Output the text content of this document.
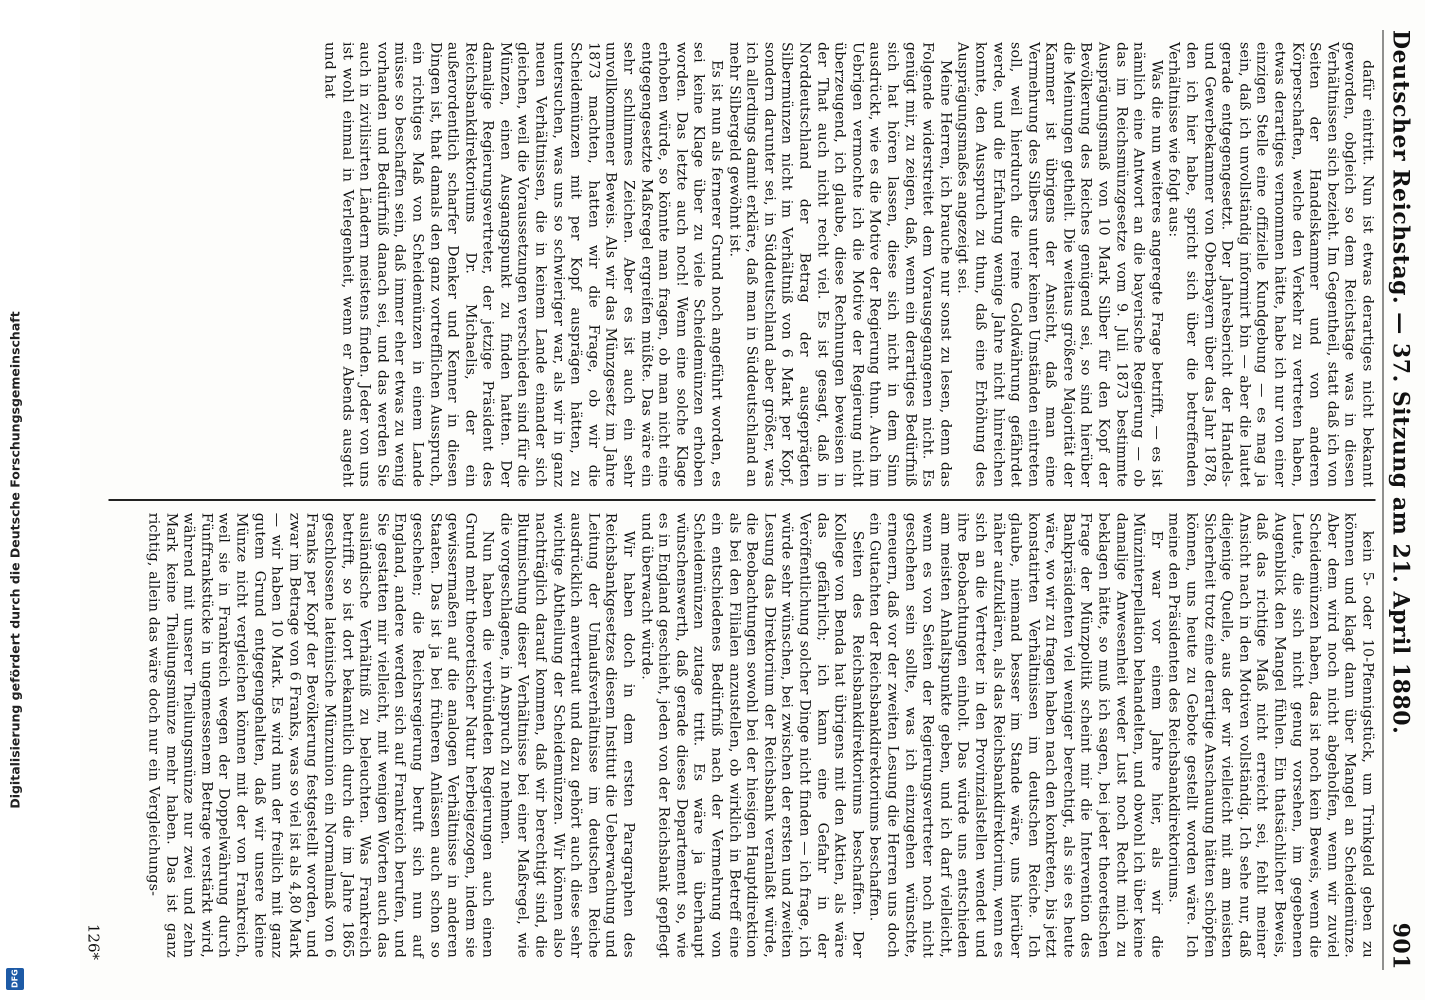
Digitalisierung gefördert durch die Deutsche Forschungsgemeinschaft
DFG
Deutscher Reichstag. — 37. Sitzung am 21. April 1880.
901

dafür eintritt. Nun ist etwas derartiges nicht bekannt geworden, obgleich so dem Reichstage was in diesen Verhältnissen sich bezieht. Im Gegentheil, statt daß ich von Seiten der Handelskammer und von anderen Körperschaften, welche den Verkehr zu vertreten haben, etwas derartiges vernommen hätte, habe ich nur von einer einzigen Stelle eine offizielle Kundgebung — es mag ja sein, daß ich unvollständig informirt bin — aber die lautet gerade entgegengesetzt. Der Jahresbericht der Handels- und Gewerbekammer von Oberbayern über das Jahr 1878, den ich hier habe, spricht sich über die betreffenden Verhältnisse wie folgt aus:

Was die nun weiteres angeregte Frage betrifft, — es ist nämlich eine Antwort an die bayerische Regierung — ob das im Reichsmünzgesetze vom 9. Juli 1873 bestimmte Ausprägungsmaß von 10 Mark Silber für den Kopf der Bevölkerung des Reiches genügend sei, so sind hierüber die Meinungen getheilt. Die weitaus größere Majorität der Kammer ist übrigens der Ansicht, daß man eine Vermehrung des Silbers unter keinen Umständen eintreten soll, weil hierdurch die reine Goldwährung gefährdet werde, und die Erfahrung wenige Jahre nicht hinreichen konnte, den Ausspruch zu thun, daß eine Erhöhung des Ausprägungsmaßes angezeigt sei.

Meine Herren, ich brauche nur sonst zu lesen, denn das Folgende widerstreitet dem Vorausgegangenen nicht. Es genügt mir, zu zeigen, daß, wenn ein derartiges Bedürfniß sich hat hören lassen, diese sich nicht in dem Sinn ausdrückt, wie es die Motive der Regierung thun. Auch im Uebrigen vermochte ich die Motive der Regierung nicht überzeugend, ich glaube, diese Rechnungen beweisen in der That auch nicht recht viel. Es ist gesagt, daß in Norddeutschland der Betrag der ausgeprägten Silbermünzen nicht im Verhältniß von 6 Mark per Kopf, sondern darunter sei, in Süddeutschland aber größer, was ich allerdings damit erkläre, daß man in Süddeutschland an mehr Silbergeld gewöhnt ist.

Es ist nun als fernerer Grund noch angeführt worden, es sei keine Klage über zu viele Scheidemünzen erhoben worden. Das letzte auch noch! Wenn eine solche Klage erhoben würde, so könnte man fragen, ob man nicht eine entgegengesetzte Maßregel ergreifen müßte. Das wäre ein sehr schlimmes Zeichen. Aber es ist auch ein sehr unvollkommener Beweis. Als wir das Münzgesetz im Jahre 1873 machten, hatten wir die Frage, ob wir die Scheidemünzen mit per Kopf ausprägen hätten, zu untersuchen, was uns so schwieriger war, als wir in ganz neuen Verhältnissen, die in keinem Lande einander sich gleichen, weil die Voraussetzungen verschieden sind für die Münzen, einen Ausgangspunkt zu finden hatten. Der damalige Regierungsvertreter, der jetzige Präsident des Reichsbankdirektoriums Dr. Michaelis, der ein außerordentlich scharfer Denker und Kenner in diesen Dingen ist, that damals den ganz vortrefflichen Ausspruch, ein richtiges Maß von Scheidemünzen in einem Lande müsse so beschaffen sein, daß immer eher etwas zu wenig vorhanden und Bedürfniß danach sei, und das werden Sie auch in zivilisirten Ländern meistens finden. Jeder von uns ist wohl einmal in Verlegenheit, wenn er Abends ausgeht und hat

kein 5- oder 10-Pfennigstück, um Trinkgeld geben zu können und klagt dann über Mangel an Scheidemünze. Aber dem wird noch nicht abgeholfen, wenn wir zuviel Scheidemünzen haben, das ist noch kein Beweis, wenn die Leute, die sich nicht genug vorsehen, im gegebenen Augenblick den Mangel fühlen. Ein thatsächlicher Beweis, daß das richtige Maß nicht erreicht sei, fehlt meiner Ansicht nach in den Motiven vollständig. Ich sehe nur, daß diejenige Quelle, aus der wir vielleicht mit am meisten Sicherheit trotz eine derartige Anschauung hätten schöpfen können, uns heute zu Gebote gestellt worden wäre. Ich meine den Präsidenten des Reichsbankdirektoriums.

Er war vor einem Jahre hier, als wir die Münzinterpellation behandelten, und obwohl ich über keine damalige Anwesenheit weder Lust noch Recht mich zu beklagen hätte, so muß ich sagen, bei jeder theoretischen Frage der Münzpolitik scheint mir die Intervention des Bankpräsidenten viel weniger berechtigt, als sie es heute wäre, wo wir zu fragen haben nach den konkreten, bis jetzt konstatirten Verhältnissen im deutschen Reiche. Ich glaube, niemand besser im Stande wäre, uns hierüber näher aufzuklären, als das Reichsbankdirektorium, wenn es sich an die Vertreter in den Provinzialstellen wendet und ihre Beobachtungen einholt. Das würde uns entschieden am meisten Anhaltspunkte geben, und ich darf vielleicht, wenn es von Seiten der Regierungsvertreter noch nicht geschehen sein sollte, was ich einzugehen wünschte, erneuern, daß vor der zweiten Lesung die Herren uns doch ein Gutachten der Reichsbankdirektoriums beschaffen.

Seiten des Reichsbankdirektoriums beschaffen. Der Kollege von Benda hat übrigens mit den Aktien, als wäre das gefährlich; ich kann eine Gefahr in der Veröffentlichung solcher Dinge nicht finden — ich frage, ich würde sehr wünschen, bei zwischen der ersten und zweiten Lesung das Direktorium der Reichsbank veranlaßt würde, die Beobachtungen sowohl bei der hiesigen Hauptdirektion als bei den Filialen anzustellen, ob wirklich in Betreff eine ein entschiedenes Bedürfniß nach der Vermehrung von Scheidemünzen zutage tritt. Es wäre ja überhaupt wünschenswerth, daß gerade dieses Departement so, wie es in England geschieht, jeden von der Reichsbank gepflegt und überwacht würde.

Wir haben doch in dem ersten Paragraphen des Reichsbankgesetzes diesem Institut die Ueberwachung und Leitung der Umlaufsverhältnisse im deutschen Reiche ausdrücklich anvertraut und dazu gehört auch diese sehr wichtige Abtheilung der Scheidemünzen. Wir können also nachträglich darauf kommen, daß wir berechtigt sind, die Blutmischung dieser Verhältnisse bei einer Maßregel, wie die vorgeschlagene, in Anspruch zu nehmen.

Nun haben die verbündeten Regierungen auch einen Grund mehr theoretischer Natur herbeigezogen, indem sie gewissermaßen auf die analogen Verhältnisse in anderen Staaten. Das ist ja bei früheren Anlässen auch schon so geschehen; die Reichsregierung beruft sich nun auf England, andere werden sich auf Frankreich berufen, und Sie gestatten mir vielleicht, mit wenigen Worten auch das ausländische Verhältniß zu beleuchten. Was Frankreich betrifft, so ist dort bekanntlich durch die im Jahre 1865 geschlossene lateinische Münzunion ein Normalmaß von 6 Franks per Kopf der Bevölkerung festgestellt worden, und zwar im Betrage von 6 Franks, was so viel ist als 4,80 Mark — wir haben 10 Mark. Es wird nun der freilich mit ganz gutem Grund entgegengehalten, daß wir unsere kleine Münze nicht vergleichen können mit der von Frankreich, weil sie in Frankreich wegen der Doppelwährung durch Fünffrankstücke in ungemessenem Betrage verstärkt wird, während mit unserer Theilungsmünze nur zwei und zehn Mark keine Theilungsmünze mehr haben. Das ist ganz richtig, allein das wäre doch nur ein Vergleichungs-

126*
